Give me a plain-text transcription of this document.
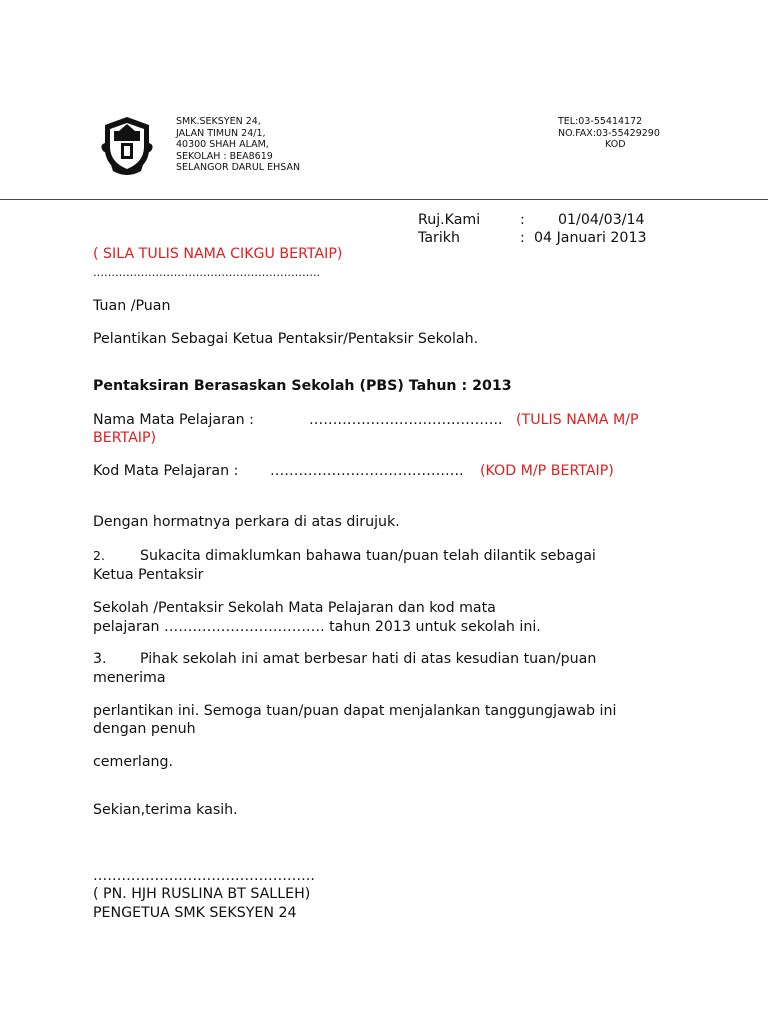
SMK.SEKSYEN 24,
JALAN TIMUN 24/1,
40300 SHAH ALAM,
SEKOLAH : BEA8619
SELANGOR DARUL EHSAN
TEL:03-55414172
NO.FAX:03-55429290
KOD
Ruj.Kami	: 01/04/03/14
Tarikh	: 04 Januari 2013
( SILA TULIS NAMA CIKGU BERTAIP)
……………………………………………………..
Tuan /Puan
Pelantikan Sebagai Ketua Pentaksir/Pentaksir Sekolah.
Pentaksiran Berasaskan Sekolah (PBS) Tahun : 2013
Nama Mata Pelajaran :	………………………………….. (TULIS NAMA M/P
BERTAIP)
Kod Mata Pelajaran : ………………………………….. (KOD M/P BERTAIP)
Dengan hormatnya perkara di atas dirujuk.
2. Sukacita dimaklumkan bahawa tuan/puan telah dilantik sebagai
Ketua Pentaksir
Sekolah /Pentaksir Sekolah Mata Pelajaran dan kod mata
pelajaran ……………………………. tahun 2013 untuk sekolah ini.
3. Pihak sekolah ini amat berbesar hati di atas kesudian tuan/puan
menerima
perlantikan ini. Semoga tuan/puan dapat menjalankan tanggungjawab ini
dengan penuh
cemerlang.
Sekian,terima kasih.
………………………………………..
( PN. HJH RUSLINA BT SALLEH)
PENGETUA SMK SEKSYEN 24
